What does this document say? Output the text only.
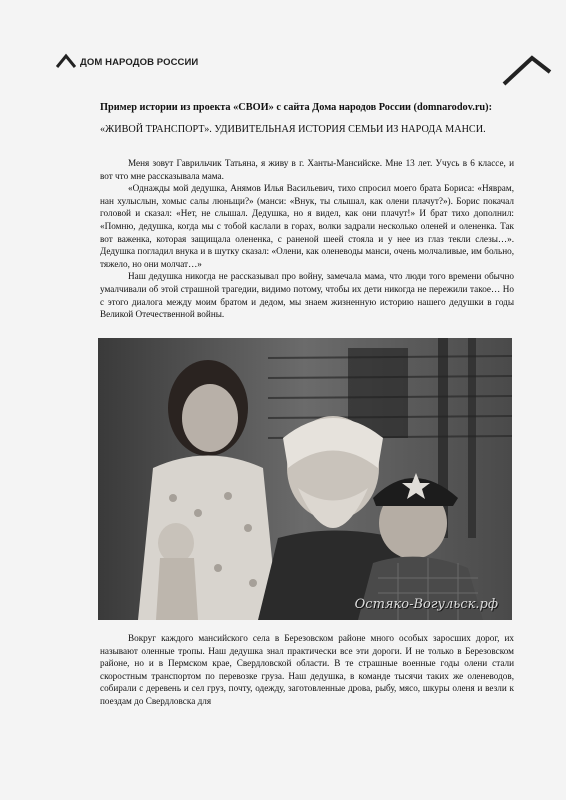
ДОМ НАРОДОВ РОССИИ
Пример истории из проекта «СВОИ» с сайта Дома народов России (domnarodov.ru):
«ЖИВОЙ ТРАНСПОРТ». УДИВИТЕЛЬНАЯ ИСТОРИЯ СЕМЬИ ИЗ НАРОДА МАНСИ.

Меня зовут Гаврильчик Татьяна, я живу в г. Ханты-Мансийске. Мне 13 лет. Учусь в 6 классе, и вот что мне рассказывала мама.

«Однажды мой дедушка, Анямов Илья Васильевич, тихо спросил моего брата Бориса: «Няврам, нан хулыслын, хомыс салы люньщи?» (манси: «Внук, ты слышал, как олени плачут?»). Борис покачал головой и сказал: «Нет, не слышал. Дедушка, но я видел, как они плачут!» И брат тихо дополнил: «Помню, дедушка, когда мы с тобой каслали в горах, волки задрали несколько оленей и олененка. Так вот важенка, которая защищала олененка, с раненой шеей стояла и у нее из глаз текли слезы…». Дедушка погладил внука и в шутку сказал: «Олени, как оленеводы манси, очень молчаливые, им больно, тяжело, но они молчат…»

Наш дедушка никогда не рассказывал про войну, замечала мама, что люди того времени обычно умалчивали об этой страшной трагедии, видимо потому, чтобы их дети никогда не пережили такое… Но с этого диалога между моим братом и дедом, мы знаем жизненную историю нашего дедушки в годы Великой Отечественной войны.

Остяко-Вогульск.рф

Вокруг каждого мансийского села в Березовском районе много особых заросших дорог, их называют оленные тропы. Наш дедушка знал практически все эти дороги. И не только в Березовском районе, но и в Пермском крае, Свердловской области. В те страшные военные годы олени стали скоростным транспортом по перевозке груза. Наш дедушка, в команде тысячи таких же оленеводов, собирали с деревень и сел груз, почту, одежду, заготовленные дрова, рыбу, мясо, шкуры оленя и везли к поездам до Свердловска для
